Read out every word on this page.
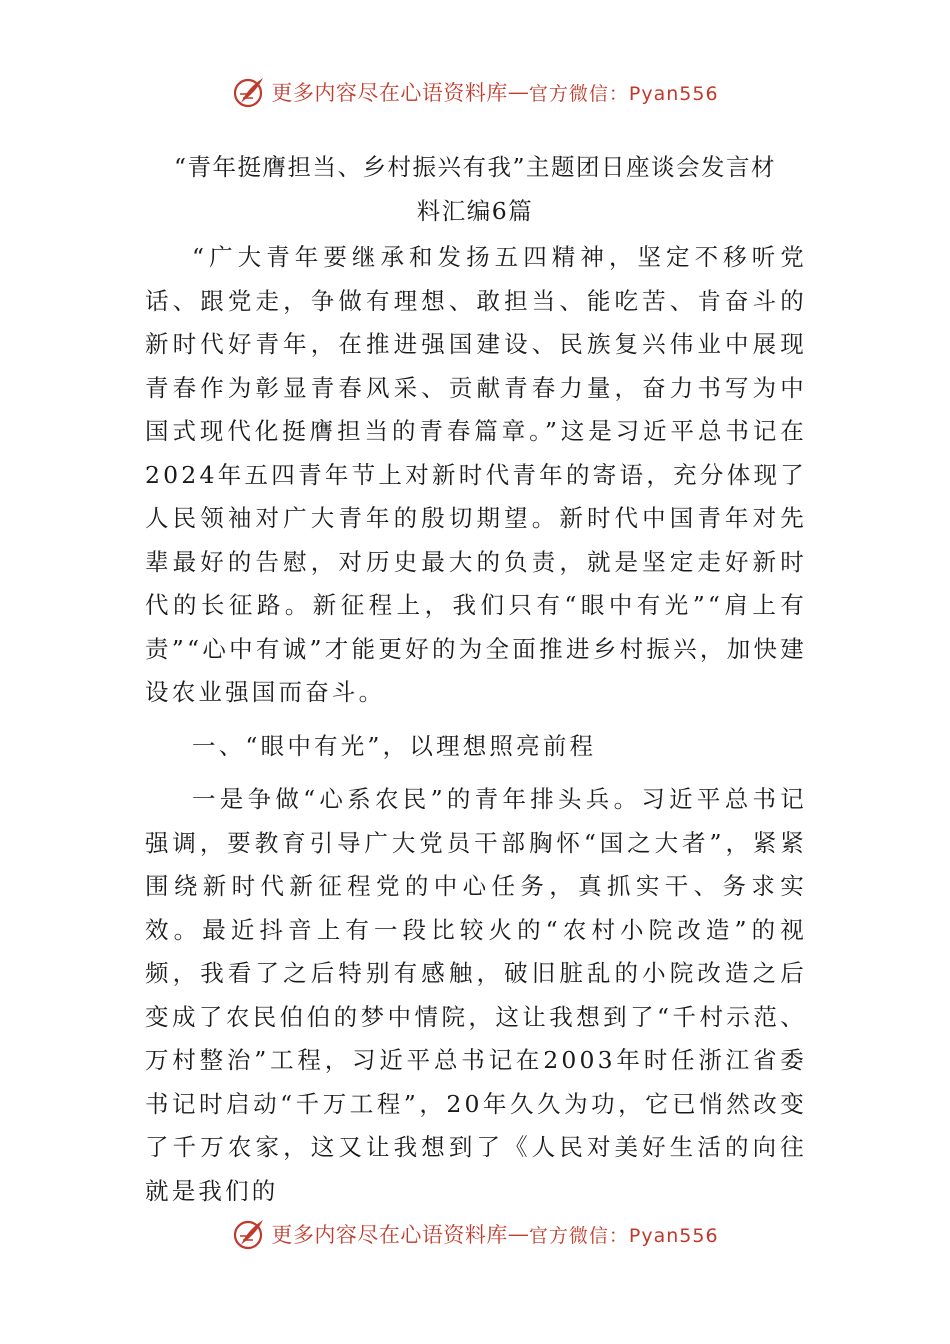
更多内容尽在心语资料库 — 官方微信：Pyan556
“青年挺膺担当、乡村振兴有我”主题团日座谈会发言材
料汇编6篇

“广大青年要继承和发扬五四精神，坚定不移听党话、跟党走，争做有理想、敢担当、能吃苦、肯奋斗的新时代好青年，在推进强国建设、民族复兴伟业中展现青春作为彰显青春风采、贡献青春力量，奋力书写为中国式现代化挺膺担当的青春篇章。”这是习近平总书记在2024年五四青年节上对新时代青年的寄语，充分体现了人民领袖对广大青年的殷切期望。新时代中国青年对先辈最好的告慰，对历史最大的负责，就是坚定走好新时代的长征路。新征程上，我们只有“眼中有光”“肩上有责”“心中有诚”才能更好的为全面推进乡村振兴，加快建设农业强国而奋斗。

一、“眼中有光”，以理想照亮前程

一是争做“心系农民”的青年排头兵。习近平总书记强调，要教育引导广大党员干部胸怀“国之大者”，紧紧围绕新时代新征程党的中心任务，真抓实干、务求实效。最近抖音上有一段比较火的“农村小院改造”的视频，我看了之后特别有感触，破旧脏乱的小院改造之后变成了农民伯伯的梦中情院，这让我想到了“千村示范、万村整治”工程，习近平总书记在2003年时任浙江省委书记时启动“千万工程”，20年久久为功，它已悄然改变了千万农家，这又让我想到了《人民对美好生活的向往就是我们的

更多内容尽在心语资料库 — 官方微信：Pyan556
